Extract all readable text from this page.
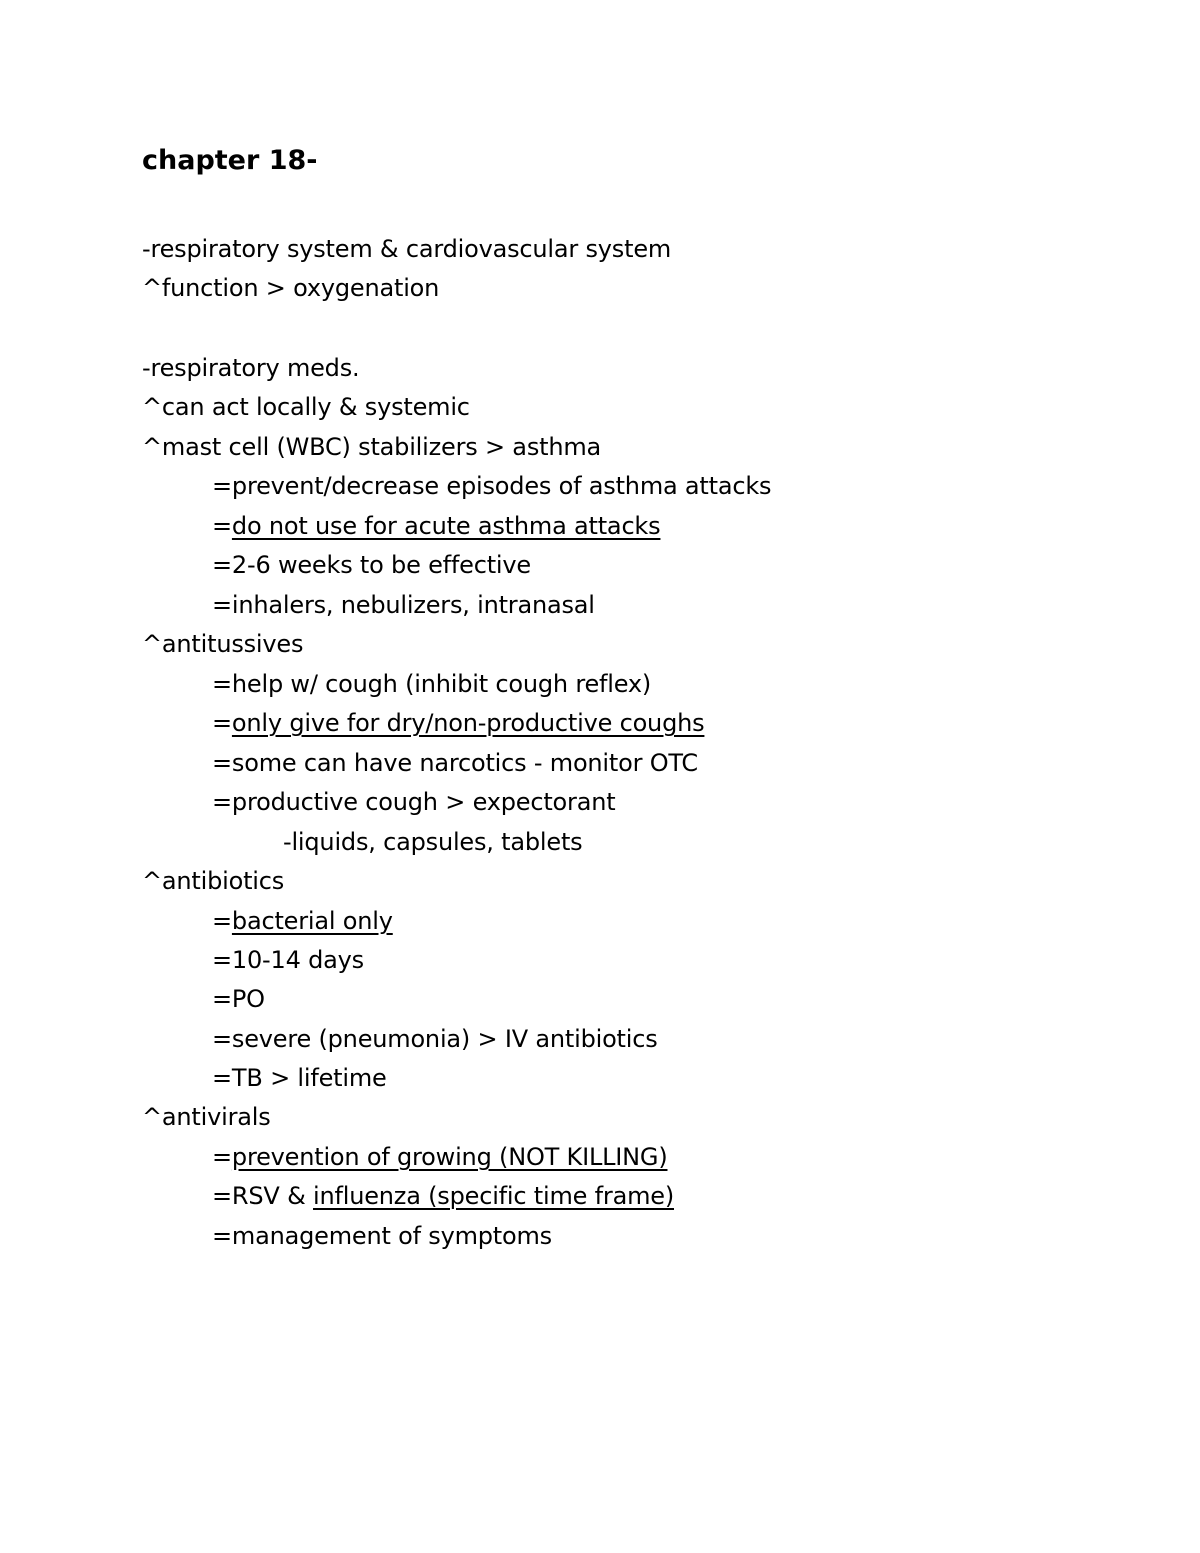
chapter 18-
-respiratory system & cardiovascular system
^function > oxygenation
-respiratory meds.
^can act locally & systemic
^mast cell (WBC) stabilizers > asthma
=prevent/decrease episodes of asthma attacks
=do not use for acute asthma attacks
=2-6 weeks to be effective
=inhalers, nebulizers, intranasal
^antitussives
=help w/ cough (inhibit cough reflex)
=only give for dry/non-productive coughs
=some can have narcotics - monitor OTC
=productive cough > expectorant
-liquids, capsules, tablets
^antibiotics
=bacterial only
=10-14 days
=PO
=severe (pneumonia) > IV antibiotics
=TB > lifetime
^antivirals
=prevention of growing (NOT KILLING)
=RSV & influenza (specific time frame)
=management of symptoms
